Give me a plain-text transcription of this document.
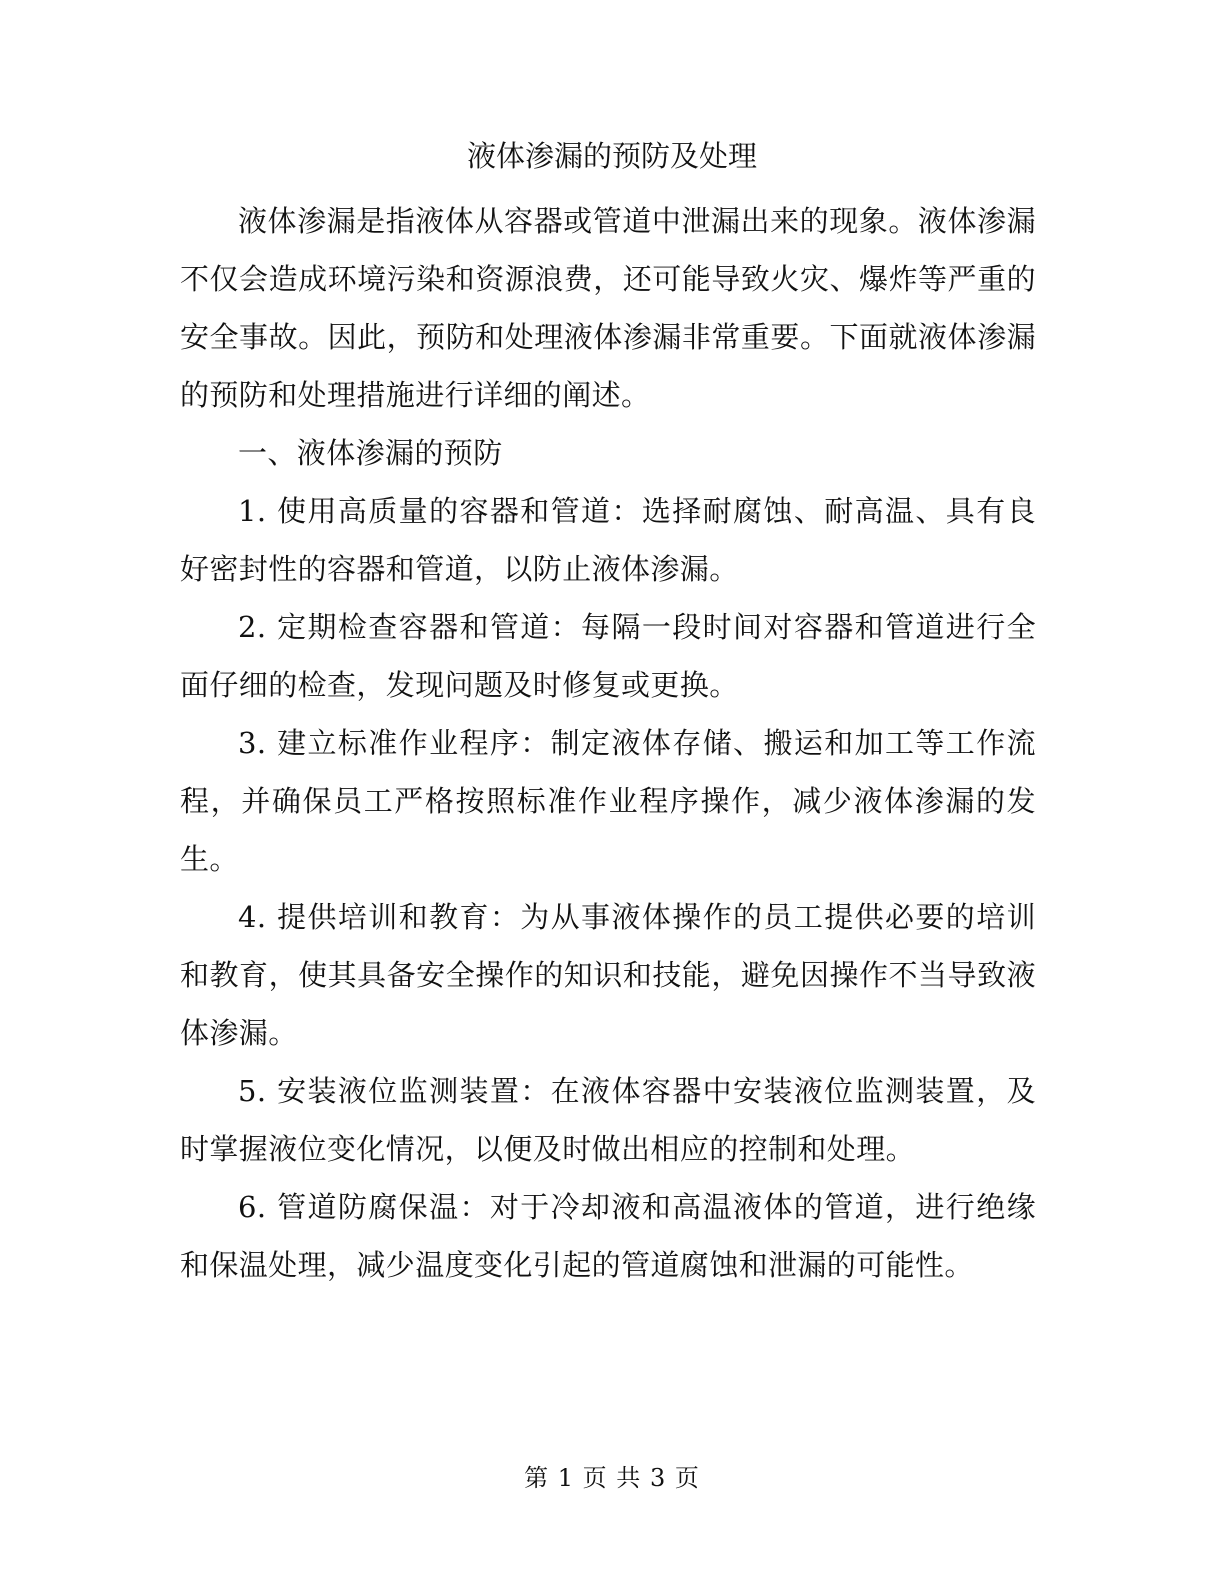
液体渗漏的预防及处理

液体渗漏是指液体从容器或管道中泄漏出来的现象。液体渗漏不仅会造成环境污染和资源浪费，还可能导致火灾、爆炸等严重的安全事故。因此，预防和处理液体渗漏非常重要。下面就液体渗漏的预防和处理措施进行详细的阐述。

一、液体渗漏的预防

1. 使用高质量的容器和管道：选择耐腐蚀、耐高温、具有良好密封性的容器和管道，以防止液体渗漏。

2. 定期检查容器和管道：每隔一段时间对容器和管道进行全面仔细的检查，发现问题及时修复或更换。

3. 建立标准作业程序：制定液体存储、搬运和加工等工作流程，并确保员工严格按照标准作业程序操作，减少液体渗漏的发生。

4. 提供培训和教育：为从事液体操作的员工提供必要的培训和教育，使其具备安全操作的知识和技能，避免因操作不当导致液体渗漏。

5. 安装液位监测装置：在液体容器中安装液位监测装置，及时掌握液位变化情况，以便及时做出相应的控制和处理。

6. 管道防腐保温：对于冷却液和高温液体的管道，进行绝缘和保温处理，减少温度变化引起的管道腐蚀和泄漏的可能性。

第 1 页 共 3 页
